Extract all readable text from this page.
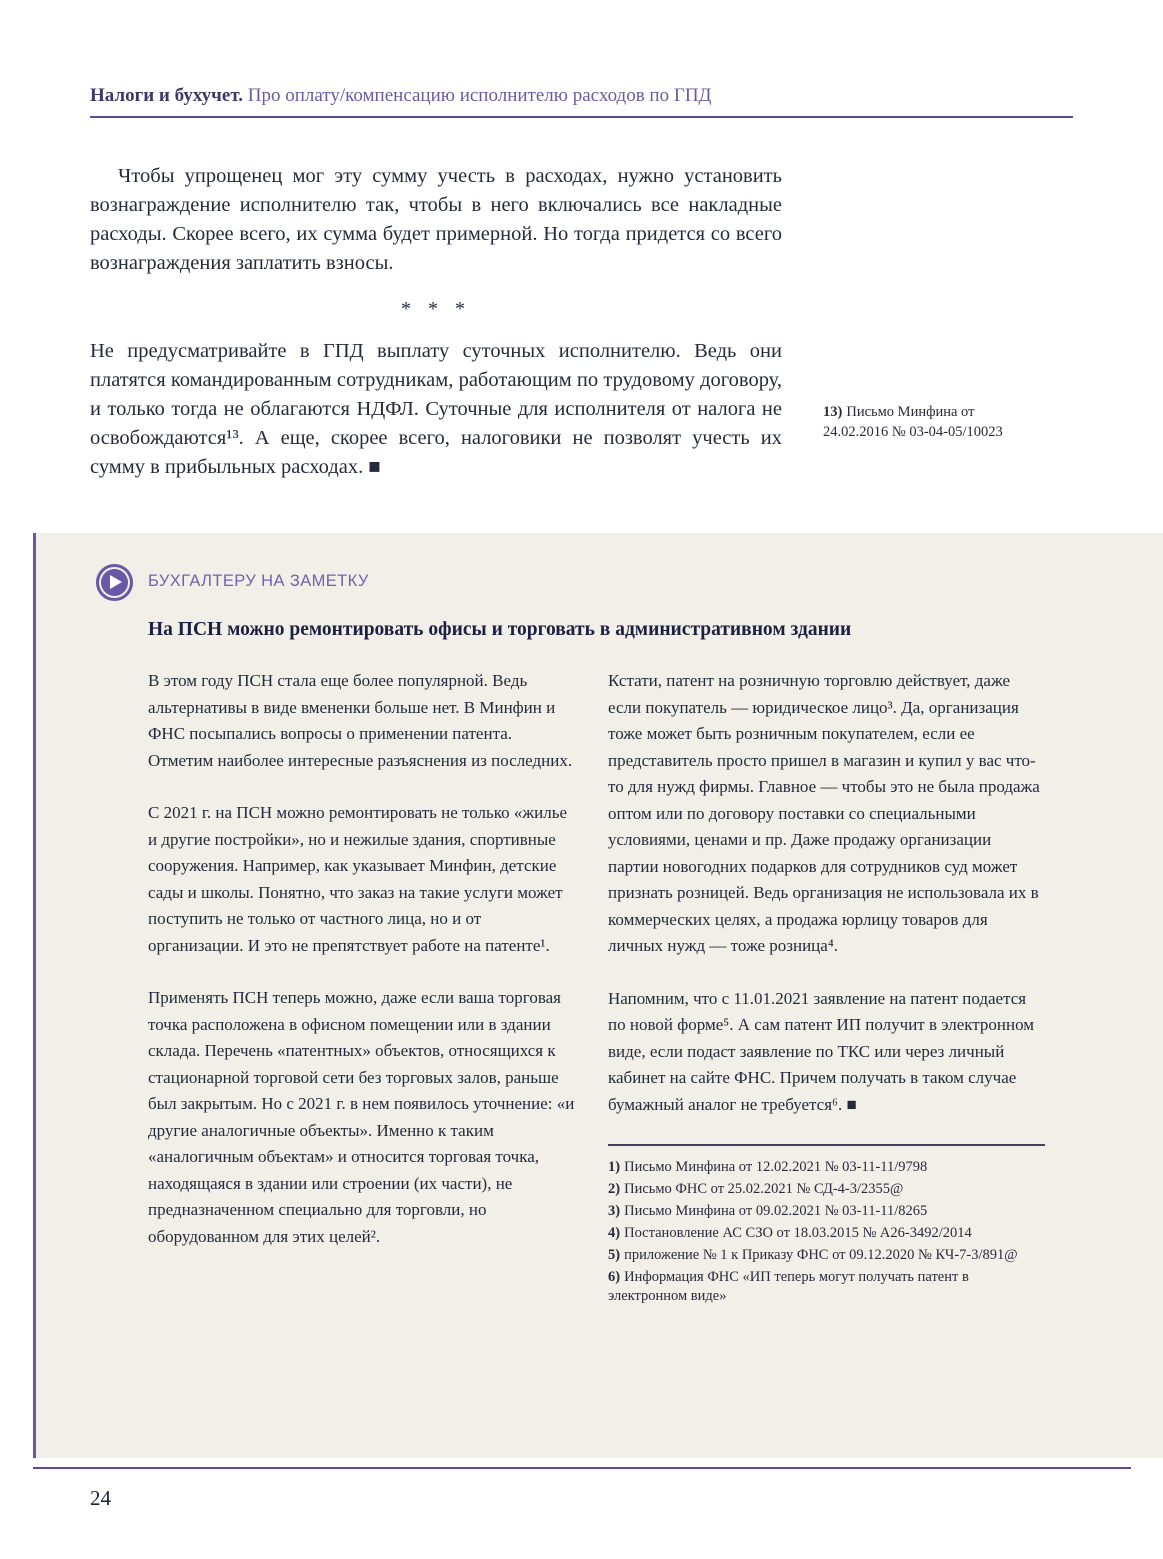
Налоги и бухучет. Про оплату/компенсацию исполнителю расходов по ГПД

Чтобы упрощенец мог эту сумму учесть в расходах, нужно установить вознаграждение исполнителю так, чтобы в него включались все накладные расходы. Скорее всего, их сумма будет примерной. Но тогда придется со всего вознаграждения заплатить взносы.

* * *

Не предусматривайте в ГПД выплату суточных исполнителю. Ведь они платятся командированным сотрудникам, работающим по трудовому договору, и только тогда не облагаются НДФЛ. Суточные для исполнителя от налога не освобождаются¹³. А еще, скорее всего, налоговики не позволят учесть их сумму в прибыльных расходах. ■

13) Письмо Минфина от 24.02.2016 № 03-04-05/10023
БУХГАЛТЕРУ НА ЗАМЕТКУ
На ПСН можно ремонтировать офисы и торговать в административном здании

В этом году ПСН стала еще более популярной. Ведь альтернативы в виде вмененки больше нет. В Минфин и ФНС посыпались вопросы о применении патента. Отметим наиболее интересные разъяснения из последних.

С 2021 г. на ПСН можно ремонтировать не только «жилье и другие постройки», но и нежилые здания, спортивные сооружения. Например, как указывает Минфин, детские сады и школы. Понятно, что заказ на такие услуги может поступить не только от частного лица, но и от организации. И это не препятствует работе на патенте¹.

Применять ПСН теперь можно, даже если ваша торговая точка расположена в офисном помещении или в здании склада. Перечень «патентных» объектов, относящихся к стационарной торговой сети без торговых залов, раньше был закрытым. Но с 2021 г. в нем появилось уточнение: «и другие аналогичные объекты». Именно к таким «аналогичным объектам» и относится торговая точка, находящаяся в здании или строении (их части), не предназначенном специально для торговли, но оборудованном для этих целей².

Кстати, патент на розничную торговлю действует, даже если покупатель — юридическое лицо³. Да, организация тоже может быть розничным покупателем, если ее представитель просто пришел в магазин и купил у вас что-то для нужд фирмы. Главное — чтобы это не была продажа оптом или по договору поставки со специальными условиями, ценами и пр. Даже продажу организации партии новогодних подарков для сотрудников суд может признать розницей. Ведь организация не использовала их в коммерческих целях, а продажа юрлицу товаров для личных нужд — тоже розница⁴.

Напомним, что с 11.01.2021 заявление на патент подается по новой форме⁵. А сам патент ИП получит в электронном виде, если подаст заявление по ТКС или через личный кабинет на сайте ФНС. Причем получать в таком случае бумажный аналог не требуется⁶. ■

1) Письмо Минфина от 12.02.2021 № 03-11-11/9798
2) Письмо ФНС от 25.02.2021 № СД-4-3/2355@
3) Письмо Минфина от 09.02.2021 № 03-11-11/8265
4) Постановление АС СЗО от 18.03.2015 № А26-3492/2014
5) приложение № 1 к Приказу ФНС от 09.12.2020 № КЧ-7-3/891@
6) Информация ФНС «ИП теперь могут получать патент в электронном виде»
24
